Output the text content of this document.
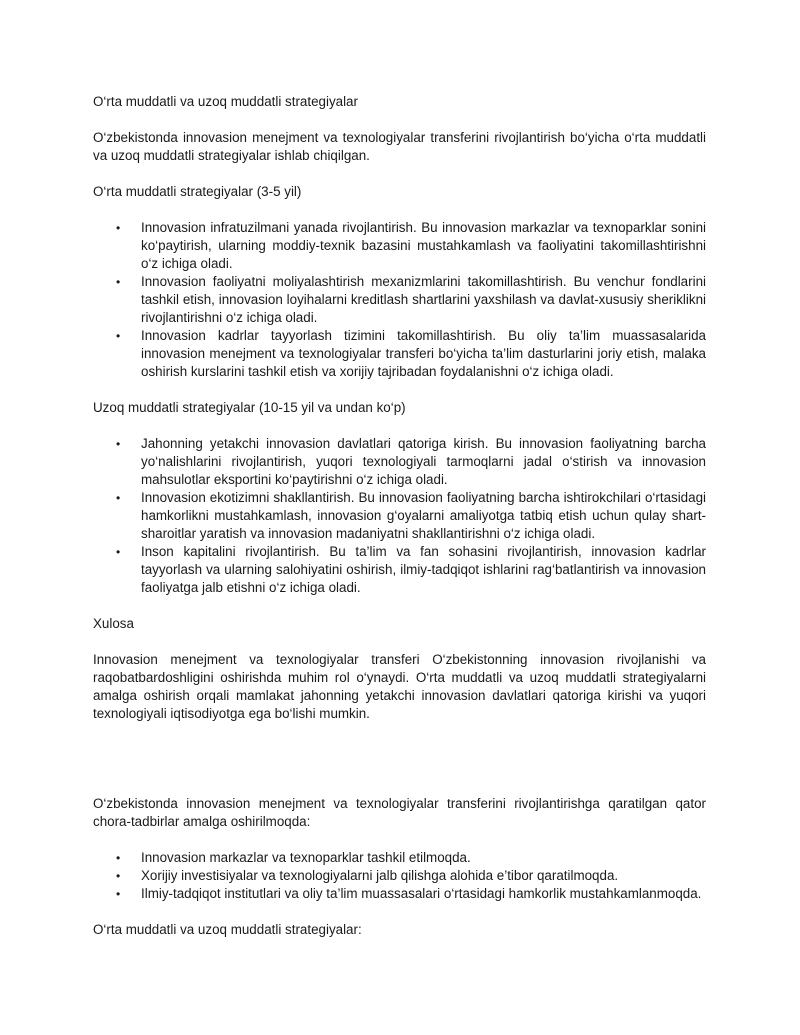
O‘rta muddatli va uzoq muddatli strategiyalar

O‘zbekistonda innovasion menejment va texnologiyalar transferini rivojlantirish bo‘yicha o‘rta muddatli va uzoq muddatli strategiyalar ishlab chiqilgan.

O‘rta muddatli strategiyalar (3-5 yil)

• Innovasion infratuzilmani yanada rivojlantirish. Bu innovasion markazlar va texnoparklar sonini ko‘paytirish, ularning moddiy-texnik bazasini mustahkamlash va faoliyatini takomillashtirishni o‘z ichiga oladi.
• Innovasion faoliyatni moliyalashtirish mexanizmlarini takomillashtirish. Bu venchur fondlarini tashkil etish, innovasion loyihalarni kreditlash shartlarini yaxshilash va davlat-xususiy sheriklikni rivojlantirishni o‘z ichiga oladi.
• Innovasion kadrlar tayyorlash tizimini takomillashtirish. Bu oliy ta’lim muassasalarida innovasion menejment va texnologiyalar transferi bo‘yicha ta’lim dasturlarini joriy etish, malaka oshirish kurslarini tashkil etish va xorijiy tajribadan foydalanishni o‘z ichiga oladi.

Uzoq muddatli strategiyalar (10-15 yil va undan ko‘p)

• Jahonning yetakchi innovasion davlatlari qatoriga kirish. Bu innovasion faoliyatning barcha yo‘nalishlarini rivojlantirish, yuqori texnologiyali tarmoqlarni jadal o‘stirish va innovasion mahsulotlar eksportini ko‘paytirishni o‘z ichiga oladi.
• Innovasion ekotizimni shakllantirish. Bu innovasion faoliyatning barcha ishtirokchilari o‘rtasidagi hamkorlikni mustahkamlash, innovasion g‘oyalarni amaliyotga tatbiq etish uchun qulay shart-sharoitlar yaratish va innovasion madaniyatni shakllantirishni o‘z ichiga oladi.
• Inson kapitalini rivojlantirish. Bu ta’lim va fan sohasini rivojlantirish, innovasion kadrlar tayyorlash va ularning salohiyatini oshirish, ilmiy-tadqiqot ishlarini rag‘batlantirish va innovasion faoliyatga jalb etishni o‘z ichiga oladi.

Xulosa

Innovasion menejment va texnologiyalar transferi O‘zbekistonning innovasion rivojlanishi va raqobatbardoshligini oshirishda muhim rol o‘ynaydi. O‘rta muddatli va uzoq muddatli strategiyalarni amalga oshirish orqali mamlakat jahonning yetakchi innovasion davlatlari qatoriga kirishi va yuqori texnologiyali iqtisodiyotga ega bo‘lishi mumkin.

O‘zbekistonda innovasion menejment va texnologiyalar transferini rivojlantirishga qaratilgan qator chora-tadbirlar amalga oshirilmoqda:

• Innovasion markazlar va texnoparklar tashkil etilmoqda.
• Xorijiy investisiyalar va texnologiyalarni jalb qilishga alohida e’tibor qaratilmoqda.
• Ilmiy-tadqiqot institutlari va oliy ta’lim muassasalari o‘rtasidagi hamkorlik mustahkamlanmoqda.

O‘rta muddatli va uzoq muddatli strategiyalar:
